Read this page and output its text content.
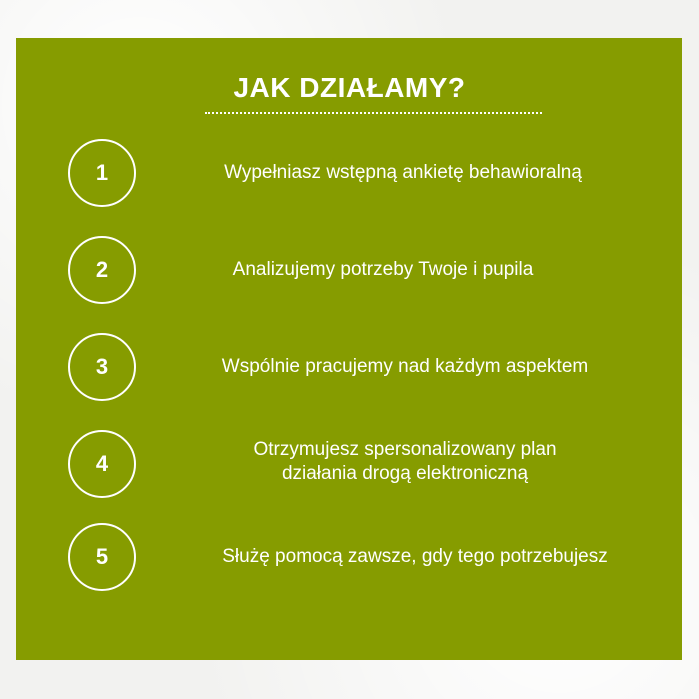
JAK DZIAŁAMY?
1	Wypełniasz wstępną ankietę behawioralną
2	Analizujemy potrzeby Twoje i pupila
3	Wspólnie pracujemy nad każdym aspektem
4
Otrzymujesz spersonalizowany plan
działania drogą elektroniczną
5	Służę pomocą zawsze, gdy tego potrzebujesz
